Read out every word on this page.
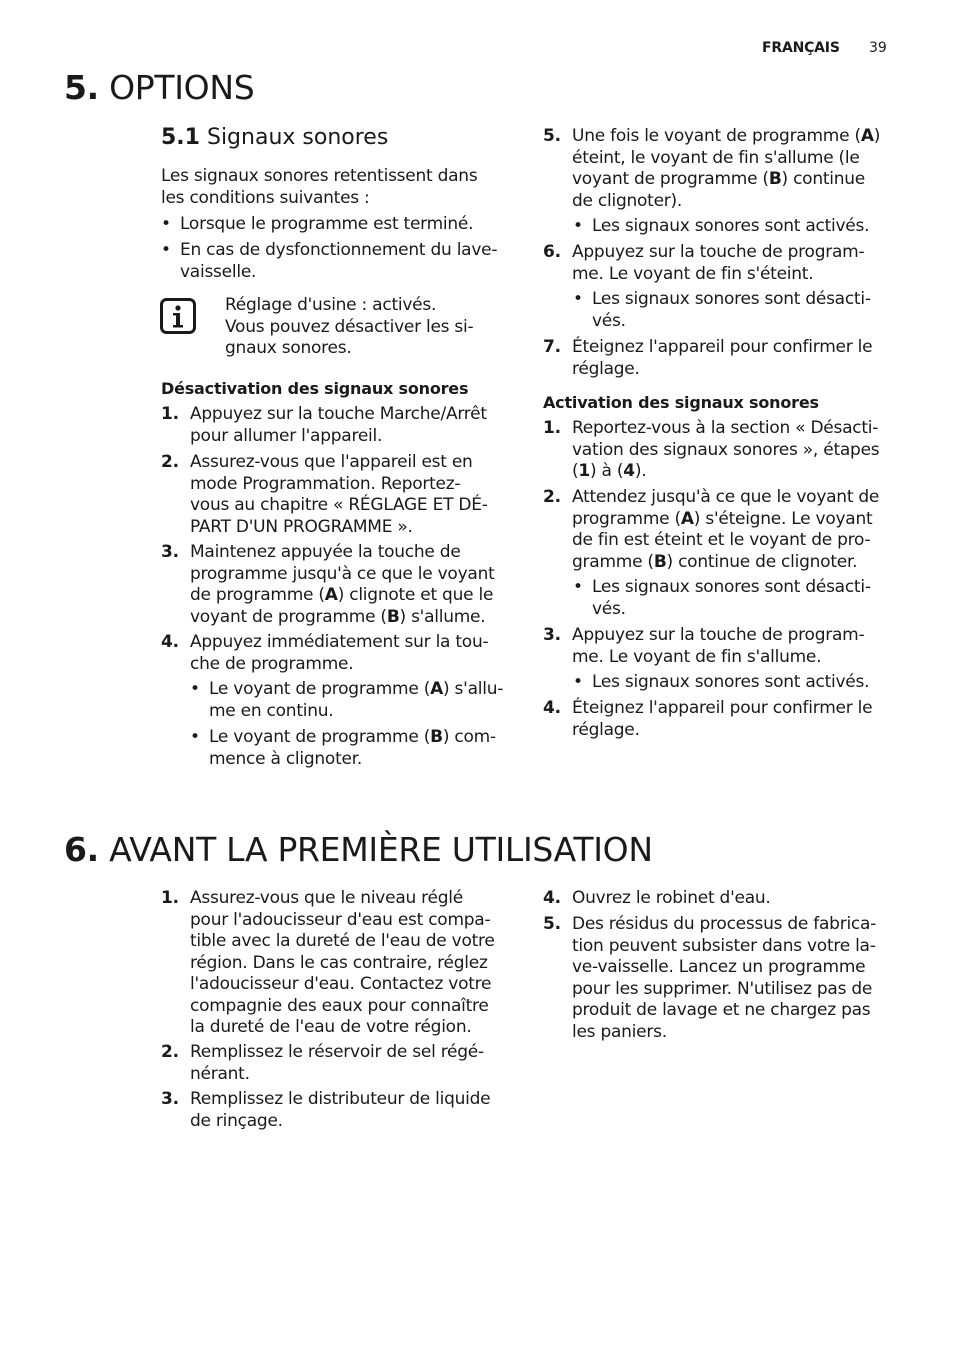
FRANÇAIS 39
5. OPTIONS
5.1 Signaux sonores

Les signaux sonores retentissent dans

les conditions suivantes :

• Lorsque le programme est terminé.

• En cas de dysfonctionnement du lave-

vaisselle.

Réglage d'usine : activés.

Vous pouvez désactiver les si-

gnaux sonores.

Désactivation des signaux sonores
1. Appuyez sur la touche Marche/Arrêt

pour allumer l'appareil.

2. Assurez-vous que l'appareil est en

mode Programmation. Reportez-

vous au chapitre « RÉGLAGE ET DÉ-

PART D'UN PROGRAMME ».

3. Maintenez appuyée la touche de

programme jusqu'à ce que le voyant

de programme (A) clignote et que le

voyant de programme (B) s'allume.

4. Appuyez immédiatement sur la tou-

che de programme.

• Le voyant de programme (A) s'allu-

me en continu.

• Le voyant de programme (B) com-

mence à clignoter.

5. Une fois le voyant de programme (A)

éteint, le voyant de fin s'allume (le

voyant de programme (B) continue

de clignoter).

• Les signaux sonores sont activés.

6. Appuyez sur la touche de program-

me. Le voyant de fin s'éteint.

• Les signaux sonores sont désacti-

vés.

7. Éteignez l'appareil pour confirmer le

réglage.

Activation des signaux sonores
1. Reportez-vous à la section « Désacti-

vation des signaux sonores », étapes

(1) à (4).

2. Attendez jusqu'à ce que le voyant de

programme (A) s'éteigne. Le voyant

de fin est éteint et le voyant de pro-

gramme (B) continue de clignoter.

• Les signaux sonores sont désacti-

vés.

3. Appuyez sur la touche de program-

me. Le voyant de fin s'allume.

• Les signaux sonores sont activés.

4. Éteignez l'appareil pour confirmer le

réglage.

6. AVANT LA PREMIÈRE UTILISATION
1. Assurez-vous que le niveau réglé

pour l'adoucisseur d'eau est compa-

tible avec la dureté de l'eau de votre

région. Dans le cas contraire, réglez

l'adoucisseur d'eau. Contactez votre

compagnie des eaux pour connaître

la dureté de l'eau de votre région.

2. Remplissez le réservoir de sel régé-

nérant.

3. Remplissez le distributeur de liquide

de rinçage.

4. Ouvrez le robinet d'eau.

5. Des résidus du processus de fabrica-

tion peuvent subsister dans votre la-

ve-vaisselle. Lancez un programme

pour les supprimer. N'utilisez pas de

produit de lavage et ne chargez pas

les paniers.
